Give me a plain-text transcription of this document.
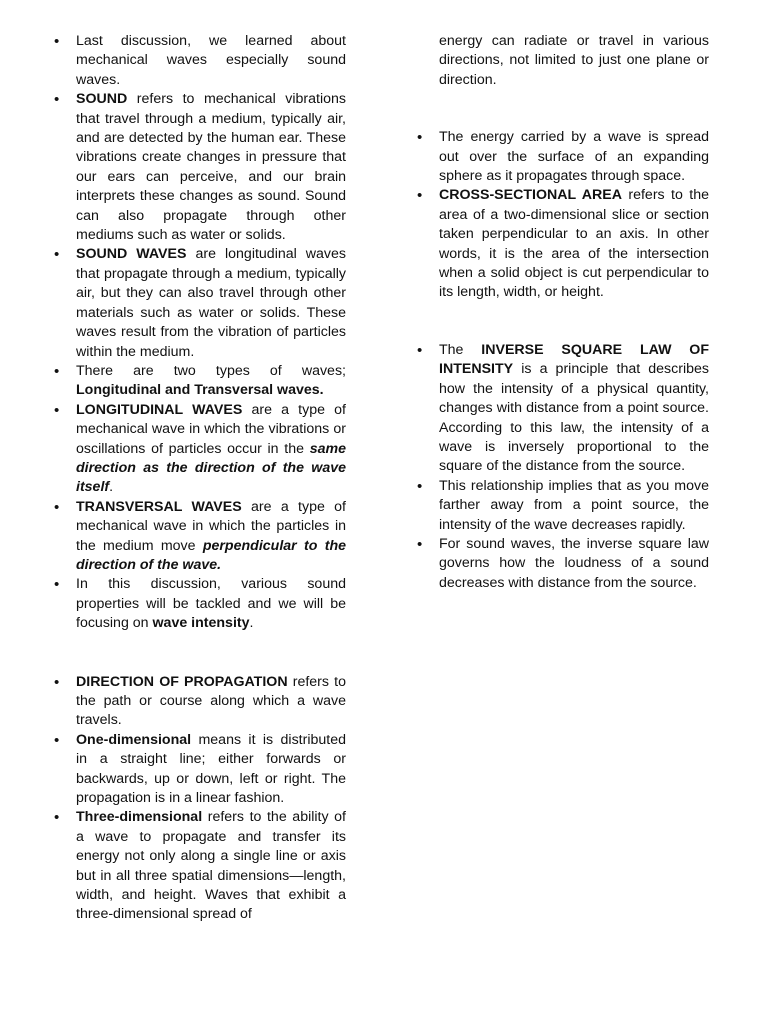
• Last discussion, we learned about mechanical waves especially sound waves.
• SOUND refers to mechanical vibrations that travel through a medium, typically air, and are detected by the human ear. These vibrations create changes in pressure that our ears can perceive, and our brain interprets these changes as sound. Sound can also propagate through other mediums such as water or solids.
• SOUND WAVES are longitudinal waves that propagate through a medium, typically air, but they can also travel through other materials such as water or solids. These waves result from the vibration of particles within the medium.
• There are two types of waves; Longitudinal and Transversal waves.
• LONGITUDINAL WAVES are a type of mechanical wave in which the vibrations or oscillations of particles occur in the same direction as the direction of the wave itself.
• TRANSVERSAL WAVES are a type of mechanical wave in which the particles in the medium move perpendicular to the direction of the wave.
• In this discussion, various sound properties will be tackled and we will be focusing on wave intensity.
• DIRECTION OF PROPAGATION refers to the path or course along which a wave travels.
• One-dimensional means it is distributed in a straight line; either forwards or backwards, up or down, left or right. The propagation is in a linear fashion.
• Three-dimensional refers to the ability of a wave to propagate and transfer its energy not only along a single line or axis but in all three spatial dimensions—length, width, and height. Waves that exhibit a three-dimensional spread of
energy can radiate or travel in various directions, not limited to just one plane or direction.
• The energy carried by a wave is spread out over the surface of an expanding sphere as it propagates through space.
• CROSS-SECTIONAL AREA refers to the area of a two-dimensional slice or section taken perpendicular to an axis. In other words, it is the area of the intersection when a solid object is cut perpendicular to its length, width, or height.
• The INVERSE SQUARE LAW OF INTENSITY is a principle that describes how the intensity of a physical quantity, changes with distance from a point source. According to this law, the intensity of a wave is inversely proportional to the square of the distance from the source.
• This relationship implies that as you move farther away from a point source, the intensity of the wave decreases rapidly.
• For sound waves, the inverse square law governs how the loudness of a sound decreases with distance from the source.
